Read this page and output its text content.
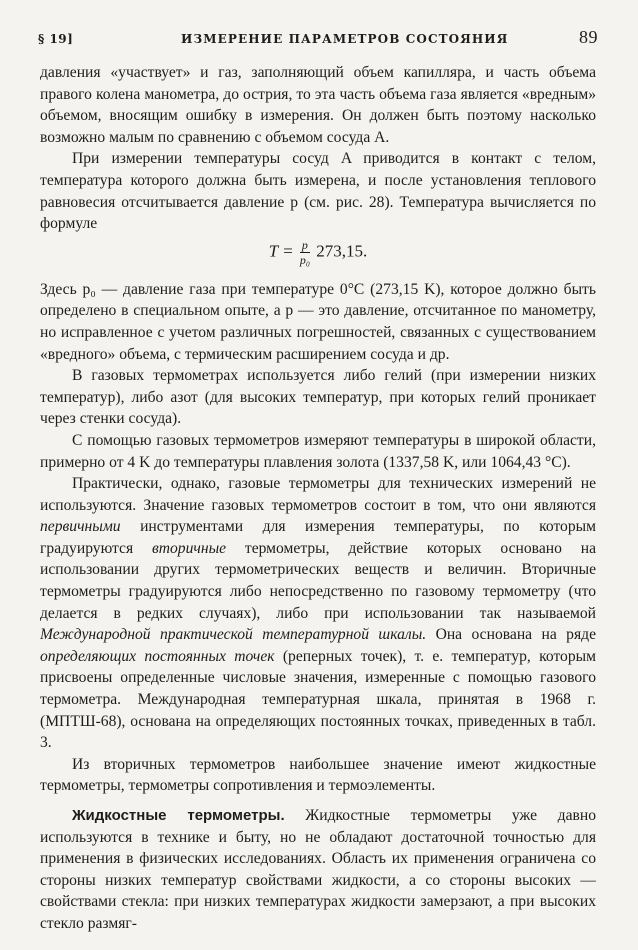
§ 19]	ИЗМЕРЕНИЕ ПАРАМЕТРОВ СОСТОЯНИЯ	89

давления «участвует» и газ, заполняющий объем капилляра, и часть объема правого колена манометра, до острия, то эта часть объема газа является «вредным» объемом, вносящим ошибку в измерения. Он должен быть поэтому насколько возможно малым по сравнению с объемом сосуда A.

При измерении температуры сосуд A приводится в контакт с телом, температура которого должна быть измерена, и после установления теплового равновесия отсчитывается давление p (см. рис. 28). Температура вычисляется по формуле

$T = \frac{p}{\text{p₀}} 273,15$.

Здесь p₀ — давление газа при температуре 0°C (273,15 K), которое должно быть определено в специальном опыте, а p — это давление, отсчитанное по манометру, но исправленное с учетом различных погрешностей, связанных с существованием «вредного» объема, с термическим расширением сосуда и др.

В газовых термометрах используется либо гелий (при измерении низких температур), либо азот (для высоких температур, при которых гелий проникает через стенки сосуда).

С помощью газовых термометров измеряют температуры в широкой области, примерно от 4 K до температуры плавления золота (1337,58 K, или 1064,43 °C).

Практически, однако, газовые термометры для технических измерений не используются. Значение газовых термометров состоит в том, что они являются первичными инструментами для измерения температуры, по которым градуируются вторичные термометры, действие которых основано на использовании других термометрических веществ и величин. Вторичные термометры градуируются либо непосредственно по газовому термометру (что делается в редких случаях), либо при использовании так называемой Международной практической температурной шкалы. Она основана на ряде определяющих постоянных точек (реперных точек), т. е. температур, которым присвоены определенные числовые значения, измеренные с помощью газового термометра. Международная температурная шкала, принятая в 1968 г. (МПТШ-68), основана на определяющих постоянных точках, приведенных в табл. 3.

Из вторичных термометров наибольшее значение имеют жидкостные термометры, термометры сопротивления и термоэлементы.

Жидкостные термометры. Жидкостные термометры уже давно используются в технике и быту, но не обладают достаточной точностью для применения в физических исследованиях. Область их применения ограничена со стороны низких температур свойствами жидкости, а со стороны высоких — свойствами стекла: при низких температурах жидкости замерзают, а при высоких стекло размяг-
